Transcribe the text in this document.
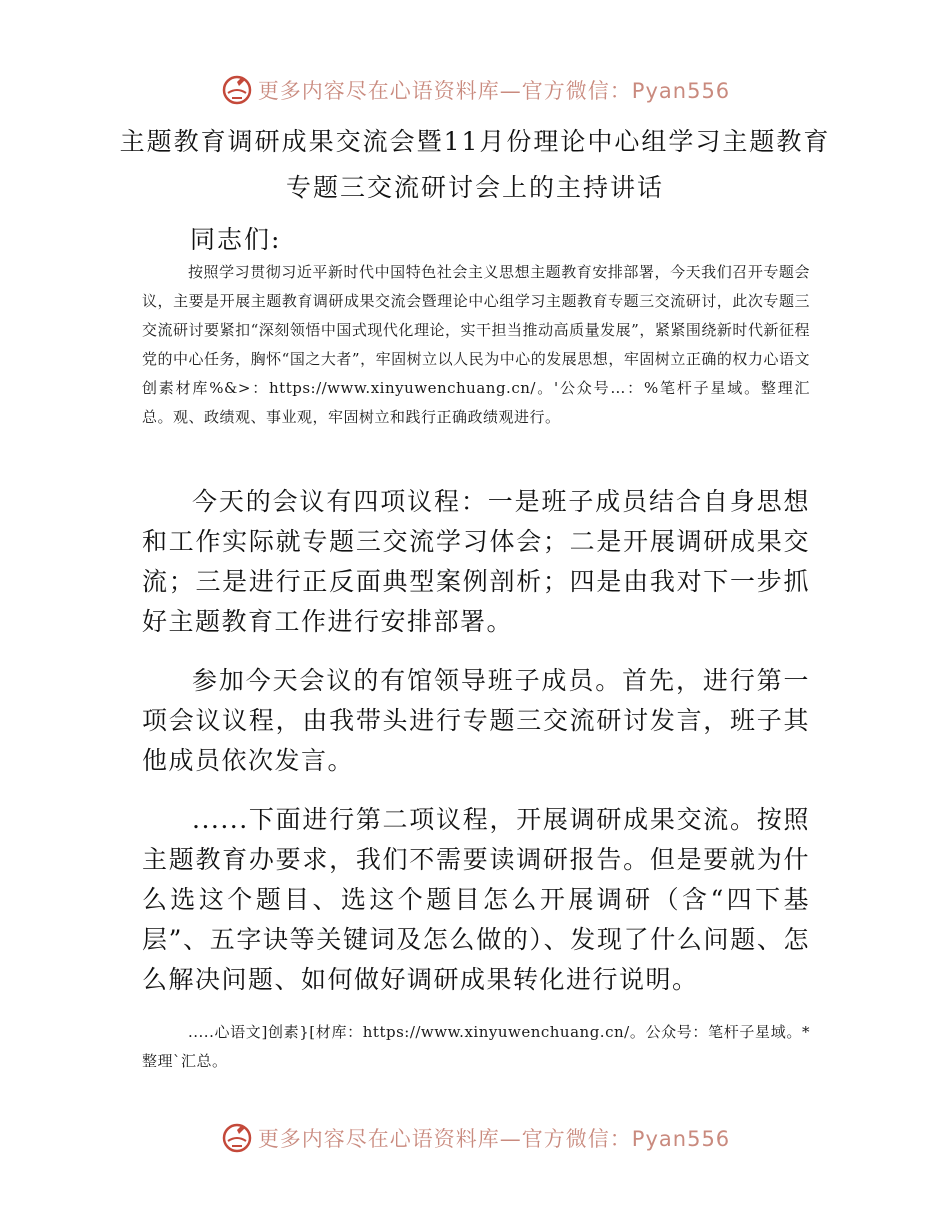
更多内容尽在心语资料库—官方微信：Pyan556
主题教育调研成果交流会暨11月份理论中心组学习主题教育
专题三交流研讨会上的主持讲话
同志们:
按照学习贯彻习近平新时代中国特色社会主义思想主题教育安排部署，今天我们召开专题会议，主要是开展主题教育调研成果交流会暨理论中心组学习主题教育专题三交流研讨，此次专题三交流研讨要紧扣“深刻领悟中国式现代化理论，实干担当推动高质量发展”，紧紧围绕新时代新征程党的中心任务，胸怀“国之大者”，牢固树立以人民为中心的发展思想，牢固树立正确的权力心语文创素材库%&>：https://www.xinyuwenchuang.cn/。'公众号…：%笔杆子星域。整理汇总。观、政绩观、事业观，牢固树立和践行正确政绩观进行。
今天的会议有四项议程：一是班子成员结合自身思想和工作实际就专题三交流学习体会；二是开展调研成果交流；三是进行正反面典型案例剖析；四是由我对下一步抓好主题教育工作进行安排部署。
参加今天会议的有馆领导班子成员。首先，进行第一项会议议程，由我带头进行专题三交流研讨发言，班子其他成员依次发言。
......下面进行第二项议程，开展调研成果交流。按照主题教育办要求，我们不需要读调研报告。但是要就为什么选这个题目、选这个题目怎么开展调研（含“四下基层”、五字诀等关键词及怎么做的）、发现了什么问题、怎么解决问题、如何做好调研成果转化进行说明。
.....心语文]创素}[材库：https://www.xinyuwenchuang.cn/。公众号：笔杆子星域。*整理`汇总。
更多内容尽在心语资料库—官方微信：Pyan556
